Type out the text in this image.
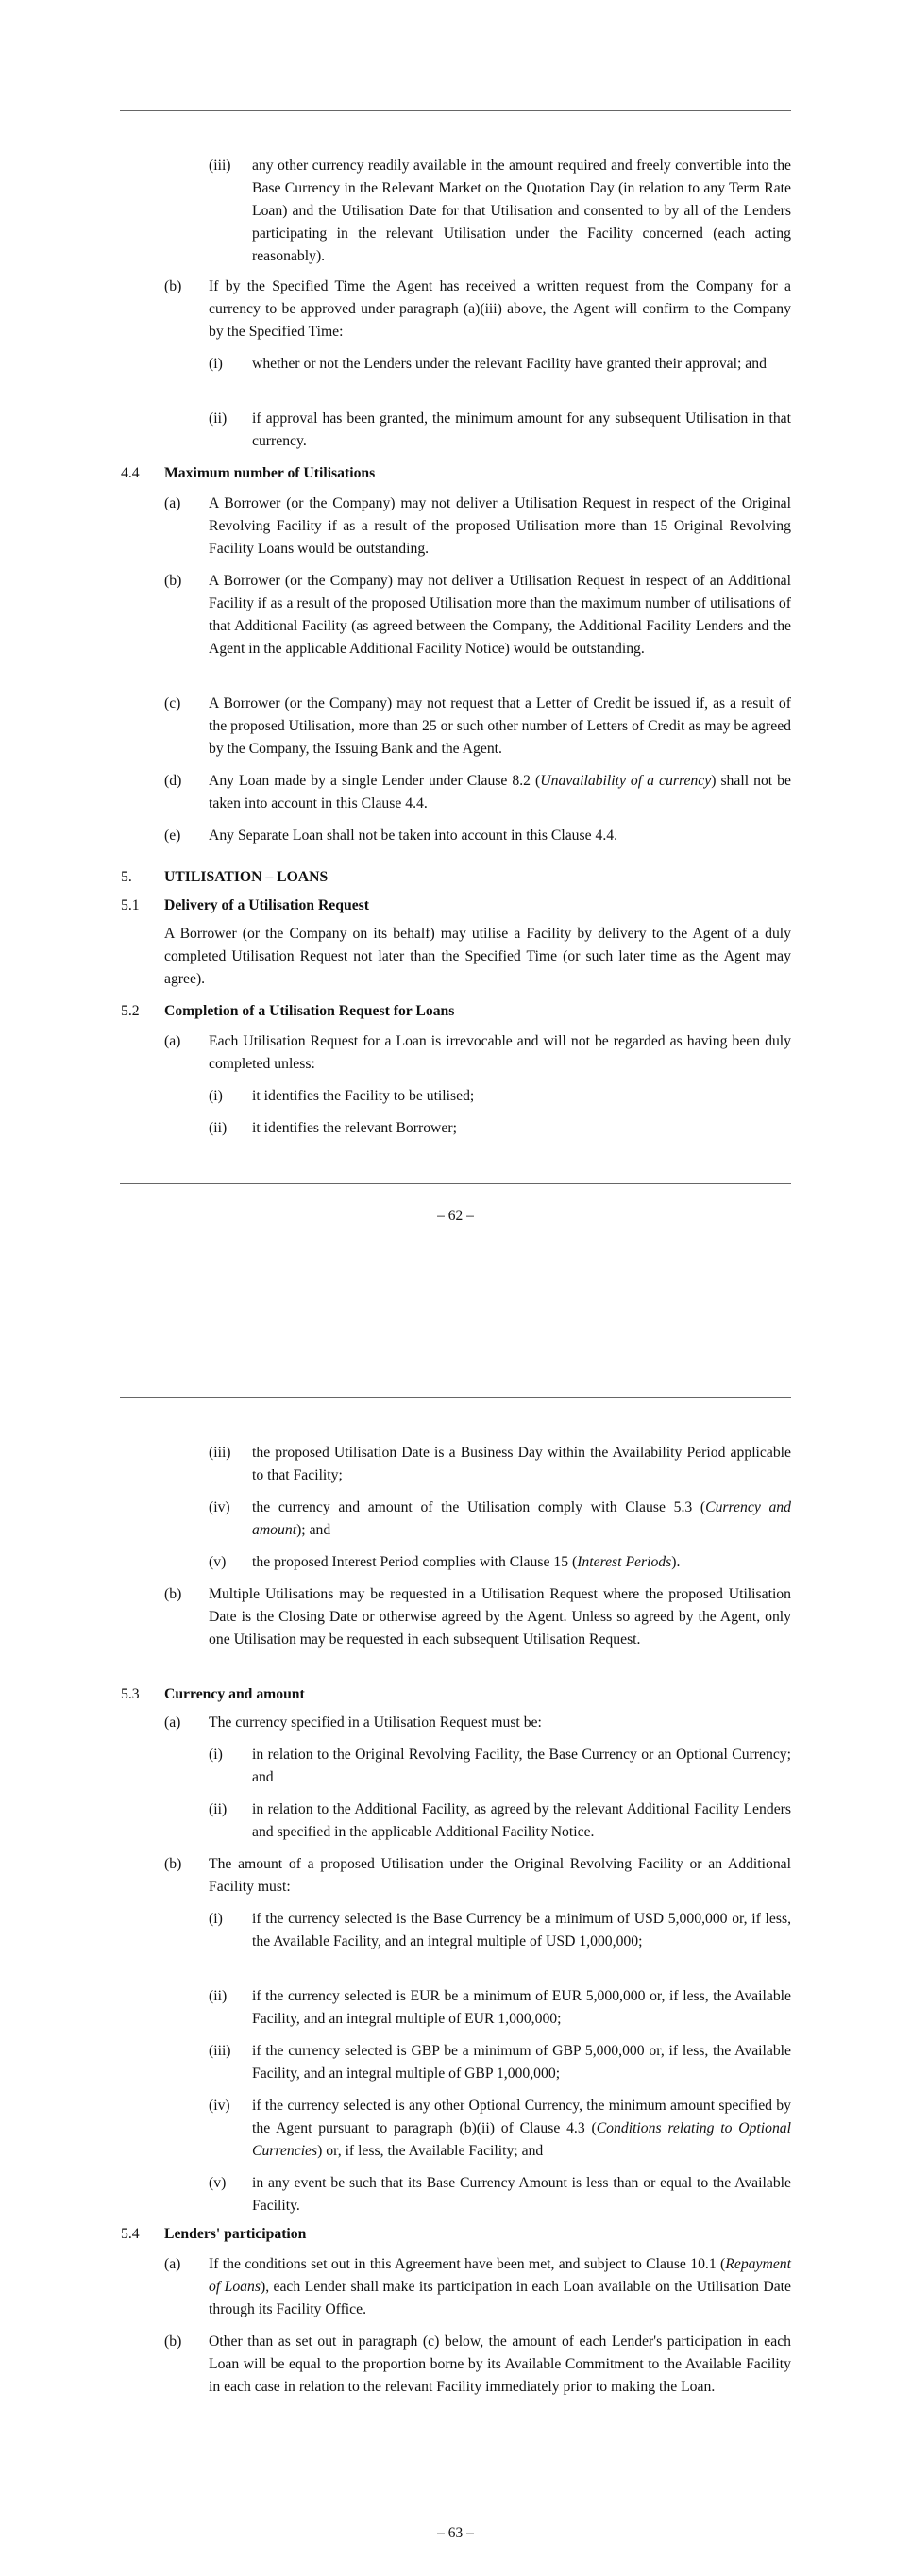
(iii) any other currency readily available in the amount required and freely convertible into the Base Currency in the Relevant Market on the Quotation Day (in relation to any Term Rate Loan) and the Utilisation Date for that Utilisation and consented to by all of the Lenders participating in the relevant Utilisation under the Facility concerned (each acting reasonably).
(b) If by the Specified Time the Agent has received a written request from the Company for a currency to be approved under paragraph (a)(iii) above, the Agent will confirm to the Company by the Specified Time:
(i) whether or not the Lenders under the relevant Facility have granted their approval; and
(ii) if approval has been granted, the minimum amount for any subsequent Utilisation in that currency.
4.4 Maximum number of Utilisations
(a) A Borrower (or the Company) may not deliver a Utilisation Request in respect of the Original Revolving Facility if as a result of the proposed Utilisation more than 15 Original Revolving Facility Loans would be outstanding.
(b) A Borrower (or the Company) may not deliver a Utilisation Request in respect of an Additional Facility if as a result of the proposed Utilisation more than the maximum number of utilisations of that Additional Facility (as agreed between the Company, the Additional Facility Lenders and the Agent in the applicable Additional Facility Notice) would be outstanding.
(c) A Borrower (or the Company) may not request that a Letter of Credit be issued if, as a result of the proposed Utilisation, more than 25 or such other number of Letters of Credit as may be agreed by the Company, the Issuing Bank and the Agent.
(d) Any Loan made by a single Lender under Clause 8.2 (Unavailability of a currency) shall not be taken into account in this Clause 4.4.
(e) Any Separate Loan shall not be taken into account in this Clause 4.4.
5. UTILISATION – LOANS
5.1 Delivery of a Utilisation Request
A Borrower (or the Company on its behalf) may utilise a Facility by delivery to the Agent of a duly completed Utilisation Request not later than the Specified Time (or such later time as the Agent may agree).
5.2 Completion of a Utilisation Request for Loans
(a) Each Utilisation Request for a Loan is irrevocable and will not be regarded as having been duly completed unless:
(i) it identifies the Facility to be utilised;
(ii) it identifies the relevant Borrower;
– 62 –
(iii) the proposed Utilisation Date is a Business Day within the Availability Period applicable to that Facility;
(iv) the currency and amount of the Utilisation comply with Clause 5.3 (Currency and amount); and
(v) the proposed Interest Period complies with Clause 15 (Interest Periods).
(b) Multiple Utilisations may be requested in a Utilisation Request where the proposed Utilisation Date is the Closing Date or otherwise agreed by the Agent. Unless so agreed by the Agent, only one Utilisation may be requested in each subsequent Utilisation Request.
5.3 Currency and amount
(a) The currency specified in a Utilisation Request must be:
(i) in relation to the Original Revolving Facility, the Base Currency or an Optional Currency; and
(ii) in relation to the Additional Facility, as agreed by the relevant Additional Facility Lenders and specified in the applicable Additional Facility Notice.
(b) The amount of a proposed Utilisation under the Original Revolving Facility or an Additional Facility must:
(i) if the currency selected is the Base Currency be a minimum of USD 5,000,000 or, if less, the Available Facility, and an integral multiple of USD 1,000,000;
(ii) if the currency selected is EUR be a minimum of EUR 5,000,000 or, if less, the Available Facility, and an integral multiple of EUR 1,000,000;
(iii) if the currency selected is GBP be a minimum of GBP 5,000,000 or, if less, the Available Facility, and an integral multiple of GBP 1,000,000;
(iv) if the currency selected is any other Optional Currency, the minimum amount specified by the Agent pursuant to paragraph (b)(ii) of Clause 4.3 (Conditions relating to Optional Currencies) or, if less, the Available Facility; and
(v) in any event be such that its Base Currency Amount is less than or equal to the Available Facility.
5.4 Lenders' participation
(a) If the conditions set out in this Agreement have been met, and subject to Clause 10.1 (Repayment of Loans), each Lender shall make its participation in each Loan available on the Utilisation Date through its Facility Office.
(b) Other than as set out in paragraph (c) below, the amount of each Lender's participation in each Loan will be equal to the proportion borne by its Available Commitment to the Available Facility in each case in relation to the relevant Facility immediately prior to making the Loan.
– 63 –
